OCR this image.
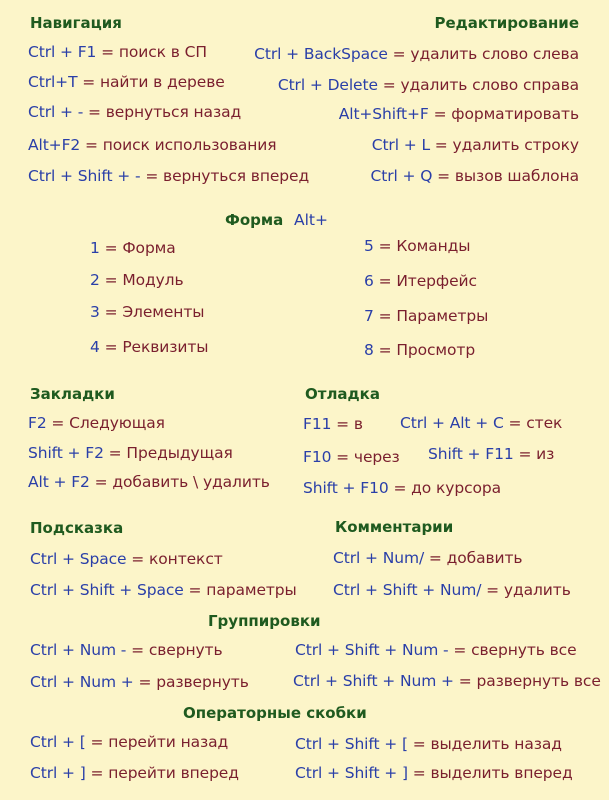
Навигация
Ctrl + F1 = поиск в СП
Ctrl+T = найти в дереве
Ctrl + - = вернуться назад
Alt+F2 = поиск использования
Ctrl + Shift + - = вернуться вперед
Редактирование
Ctrl + BackSpace = удалить слово слева
Ctrl + Delete = удалить слово справа
Alt+Shift+F = форматировать
Ctrl + L = удалить строку
Ctrl + Q = вызов шаблона
Форма Alt+
1 = Форма
2 = Модуль
3 = Элементы
4 = Реквизиты
5 = Команды
6 = Итерфейс
7 = Параметры
8 = Просмотр
Закладки
F2 = Следующая
Shift + F2 = Предыдущая
Alt + F2 = добавить \ удалить
Отладка
F11 = в Ctrl + Alt + C = стек
F10 = через Shift + F11 = из
Shift + F10 = до курсора
Подсказка
Ctrl + Space = контекст
Ctrl + Shift + Space = параметры
Комментарии
Ctrl + Num/ = добавить
Ctrl + Shift + Num/ = удалить
Группировки
Ctrl + Num - = свернуть	Ctrl + Shift + Num - = свернуть все
Ctrl + Num + = развернуть	Ctrl + Shift + Num + = развернуть все
Операторные скобки
Ctrl + [ = перейти назад	Ctrl + Shift + [ = выделить назад
Ctrl + ] = перейти вперед	Ctrl + Shift + ] = выделить вперед
